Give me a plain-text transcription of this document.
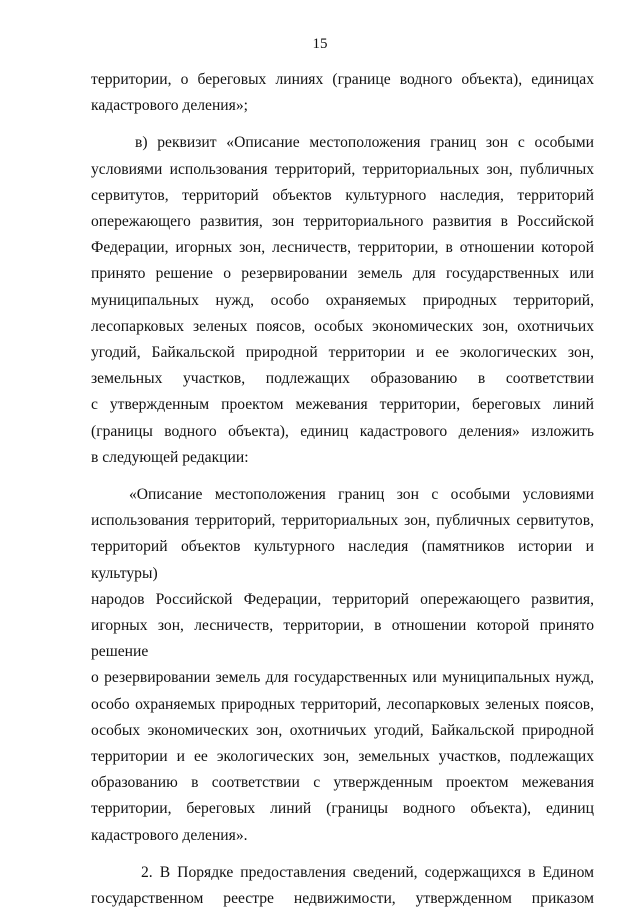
15

территории, о береговых линиях (границе водного объекта), единицах
кадастрового деления»;

в) реквизит «Описание местоположения границ зон с особыми
условиями использования территорий, территориальных зон, публичных
сервитутов, территорий объектов культурного наследия, территорий
опережающего развития, зон территориального развития в Российской
Федерации, игорных зон, лесничеств, территории, в отношении которой
принято решение о резервировании земель для государственных или
муниципальных нужд, особо охраняемых природных территорий,
лесопарковых зеленых поясов, особых экономических зон, охотничьих
угодий, Байкальской природной территории и ее экологических зон,
земельных участков, подлежащих образованию в соответствии
с утвержденным проектом межевания территории, береговых линий
(границы водного объекта), единиц кадастрового деления» изложить
в следующей редакции:

«Описание местоположения границ зон с особыми условиями
использования территорий, территориальных зон, публичных сервитутов,
территорий объектов культурного наследия (памятников истории и культуры)
народов Российской Федерации, территорий опережающего развития,
игорных зон, лесничеств, территории, в отношении которой принято решение
о резервировании земель для государственных или муниципальных нужд,
особо охраняемых природных территорий, лесопарковых зеленых поясов,
особых экономических зон, охотничьих угодий, Байкальской природной
территории и ее экологических зон, земельных участков, подлежащих
образованию в соответствии с утвержденным проектом межевания
территории, береговых линий (границы водного объекта), единиц
кадастрового деления».

2. В Порядке предоставления сведений, содержащихся в Едином
государственном реестре недвижимости, утвержденном приказом
